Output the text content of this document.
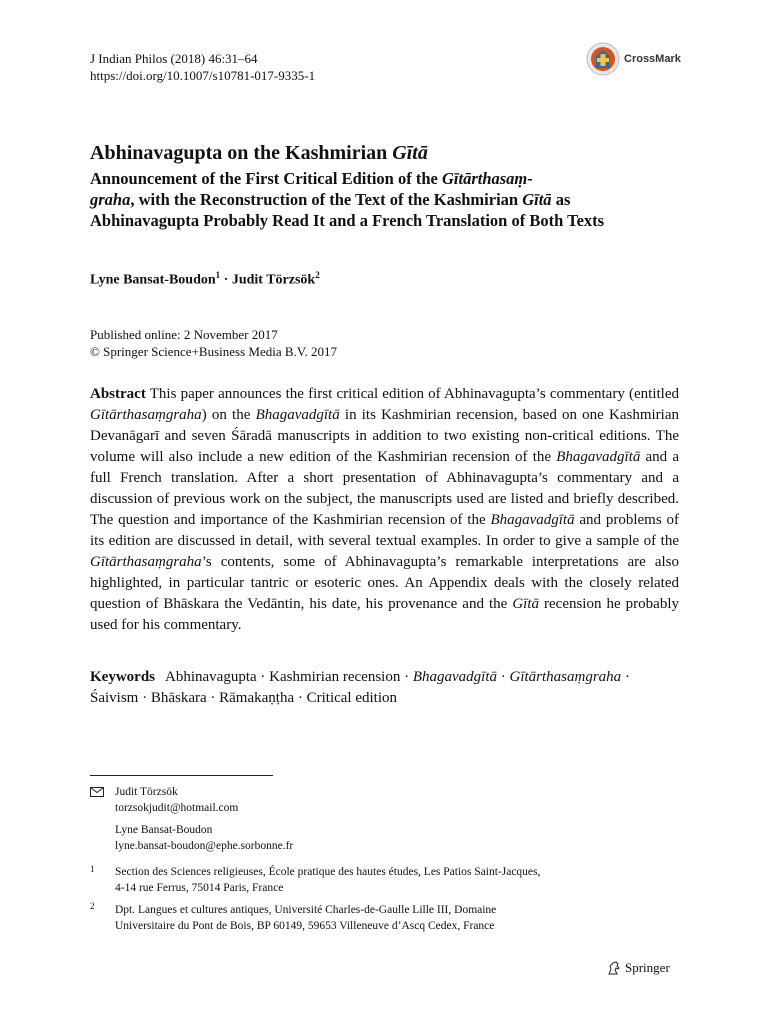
J Indian Philos (2018) 46:31–64
https://doi.org/10.1007/s10781-017-9335-1
CrossMark
Abhinavagupta on the Kashmirian Gītā
Announcement of the First Critical Edition of the Gītārthasaṃ-
graha, with the Reconstruction of the Text of the Kashmirian Gītā as Abhinavagupta Probably Read It and a French Translation of Both Texts
Lyne Bansat-Boudon$^1$ · Judit Törzsök$^2$
Published online: 2 November 2017
© Springer Science+Business Media B.V. 2017
Abstract This paper announces the first critical edition of Abhinavagupta’s commentary (entitled Gītārthasaṃgraha) on the Bhagavadgītā in its Kashmirian recension, based on one Kashmirian Devanāgarī and seven Śāradā manuscripts in addition to two existing non-critical editions. The volume will also include a new edition of the Kashmirian recension of the Bhagavadgītā and a full French translation. After a short presentation of Abhinavagupta’s commentary and a discussion of previous work on the subject, the manuscripts used are listed and briefly described. The question and importance of the Kashmirian recension of the Bhagavadgītā and problems of its edition are discussed in detail, with several textual examples. In order to give a sample of the Gītārthasaṃgraha’s contents, some of Abhinavagupta’s remarkable interpretations are also highlighted, in particular tantric or esoteric ones. An Appendix deals with the closely related question of Bhāskara the Vedāntin, his date, his provenance and the Gītā recension he probably used for his commentary.
Keywords Abhinavagupta · Kashmirian recension · Bhagavadgītā · Gītārthasaṃgraha · Śaivism · Bhāskara · Rāmakaṇṭha · Critical edition
Judit Törzsök
torzsokjudit@hotmail.com
Lyne Bansat-Boudon
lyne.bansat-boudon@ephe.sorbonne.fr
1 Section des Sciences religieuses, École pratique des hautes études, Les Patios Saint-Jacques,
4-14 rue Ferrus, 75014 Paris, France
2 Dpt. Langues et cultures antiques, Université Charles-de-Gaulle Lille III, Domaine
Universitaire du Pont de Bois, BP 60149, 59653 Villeneuve d’Ascq Cedex, France
Springer
